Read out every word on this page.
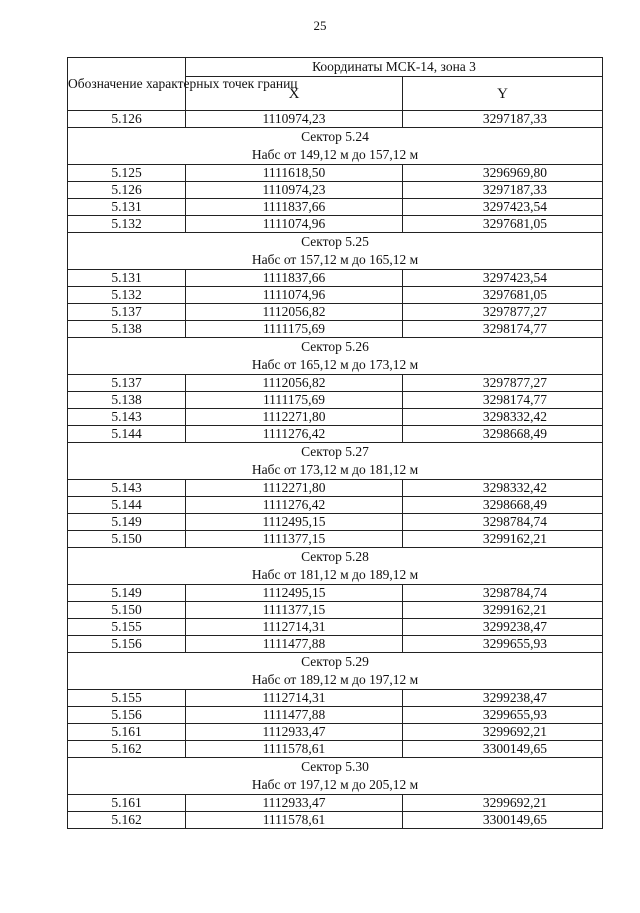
25
Обозначение характерных точек границ	Координаты МСК-14, зона 3	
	X	Y
5.126	1110974,23	3297187,33

Сектор 5.24
Набс от 149,12 м до 157,12 м		

5.125	1111618,50	3296969,80
5.126	1110974,23	3297187,33
5.131	1111837,66	3297423,54
5.132	1111074,96	3297681,05

Сектор 5.25
Набс от 157,12 м до 165,12 м		

5.131	1111837,66	3297423,54
5.132	1111074,96	3297681,05
5.137	1112056,82	3297877,27
5.138	1111175,69	3298174,77

Сектор 5.26
Набс от 165,12 м до 173,12 м		

5.137	1112056,82	3297877,27
5.138	1111175,69	3298174,77
5.143	1112271,80	3298332,42
5.144	1111276,42	3298668,49

Сектор 5.27
Набс от 173,12 м до 181,12 м		

5.143	1112271,80	3298332,42
5.144	1111276,42	3298668,49
5.149	1112495,15	3298784,74
5.150	1111377,15	3299162,21

Сектор 5.28
Набс от 181,12 м до 189,12 м		

5.149	1112495,15	3298784,74
5.150	1111377,15	3299162,21
5.155	1112714,31	3299238,47
5.156	1111477,88	3299655,93

Сектор 5.29
Набс от 189,12 м до 197,12 м		

5.155	1112714,31	3299238,47
5.156	1111477,88	3299655,93
5.161	1112933,47	3299692,21
5.162	1111578,61	3300149,65

Сектор 5.30
Набс от 197,12 м до 205,12 м		

5.161	1112933,47	3299692,21
5.162	1111578,61	3300149,65
